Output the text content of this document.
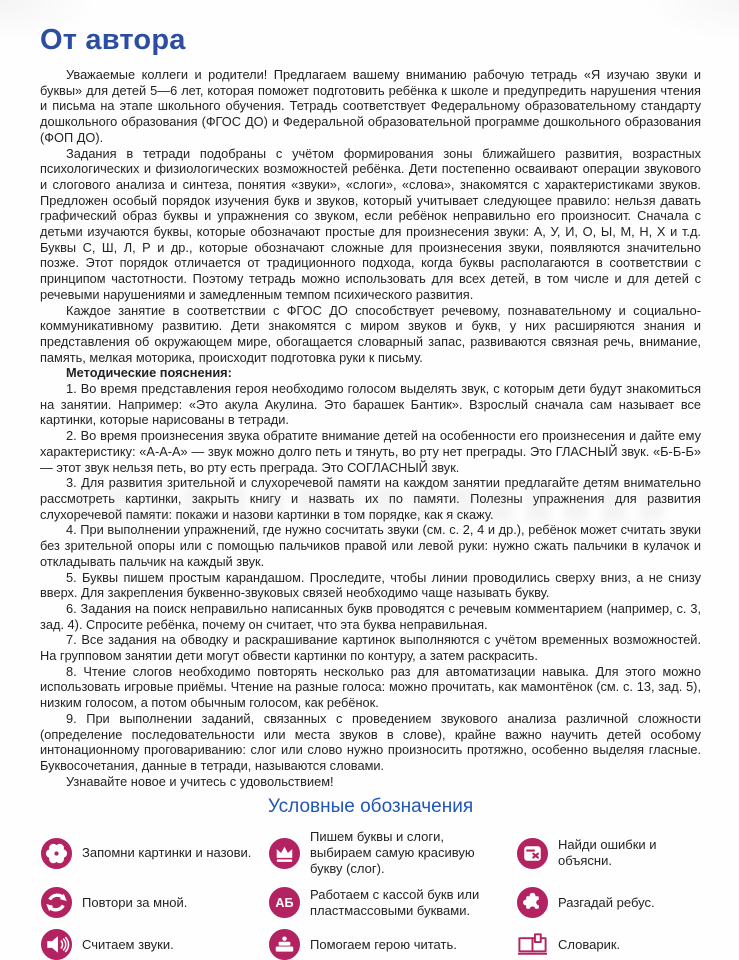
От автора

Уважаемые коллеги и родители! Предлагаем вашему вниманию рабочую тетрадь «Я изучаю звуки и буквы» для детей 5—6 лет, которая поможет подготовить ребёнка к школе и предупредить нарушения чтения и письма на этапе школьного обучения. Тетрадь соответствует Федеральному образовательному стандарту дошкольного образования (ФГОС ДО) и Федеральной образовательной программе дошкольного образования (ФОП ДО).

Задания в тетради подобраны с учётом формирования зоны ближайшего развития, возрастных психологических и физиологических возможностей ребёнка. Дети постепенно осваивают операции звукового и слогового анализа и синтеза, понятия «звуки», «слоги», «слова», знакомятся с характеристиками звуков. Предложен особый порядок изучения букв и звуков, который учитывает следующее правило: нельзя давать графический образ буквы и упражнения со звуком, если ребёнок неправильно его произносит. Сначала с детьми изучаются буквы, которые обозначают простые для произнесения звуки: А, У, И, О, Ы, М, Н, Х и т.д. Буквы С, Ш, Л, Р и др., которые обозначают сложные для произнесения звуки, появляются значительно позже. Этот порядок отличается от традиционного подхода, когда буквы располагаются в соответствии с принципом частотности. Поэтому тетрадь можно использовать для всех детей, в том числе и для детей с речевыми нарушениями и замедленным темпом психического развития.

Каждое занятие в соответствии с ФГОС ДО способствует речевому, познавательному и социально-коммуникативному развитию. Дети знакомятся с миром звуков и букв, у них расширяются знания и представления об окружающем мире, обогащается словарный запас, развиваются связная речь, внимание, память, мелкая моторика, происходит подготовка руки к письму.

Методические пояснения:

1. Во время представления героя необходимо голосом выделять звук, с которым дети будут знакомиться на занятии. Например: «Это акула Акулина. Это барашек Бантик». Взрослый сначала сам называет все картинки, которые нарисованы в тетради.

2. Во время произнесения звука обратите внимание детей на особенности его произнесения и дайте ему характеристику: «А-А-А» — звук можно долго петь и тянуть, во рту нет преграды. Это ГЛАСНЫЙ звук. «Б-Б-Б» — этот звук нельзя петь, во рту есть преграда. Это СОГЛАСНЫЙ звук.

3. Для развития зрительной и слухоречевой памяти на каждом занятии предлагайте детям внимательно рассмотреть картинки, закрыть книгу и назвать их по памяти. Полезны упражнения для развития слухоречевой памяти: покажи и назови картинки в том порядке, как я скажу.

4. При выполнении упражнений, где нужно сосчитать звуки (см. с. 2, 4 и др.), ребёнок может считать звуки без зрительной опоры или с помощью пальчиков правой или левой руки: нужно сжать пальчики в кулачок и откладывать пальчик на каждый звук.

5. Буквы пишем простым карандашом. Проследите, чтобы линии проводились сверху вниз, а не снизу вверх. Для закрепления буквенно-звуковых связей необходимо чаще называть букву.

6. Задания на поиск неправильно написанных букв проводятся с речевым комментарием (например, с. 3, зад. 4). Спросите ребёнка, почему он считает, что эта буква неправильная.

7. Все задания на обводку и раскрашивание картинок выполняются с учётом временных возможностей. На групповом занятии дети могут обвести картинки по контуру, а затем раскрасить.

8. Чтение слогов необходимо повторять несколько раз для автоматизации навыка. Для этого можно использовать игровые приёмы. Чтение на разные голоса: можно прочитать, как мамонтёнок (см. с. 13, зад. 5), низким голосом, а потом обычным голосом, как ребёнок.

9. При выполнении заданий, связанных с проведением звукового анализа различной сложности (определение последовательности или места звуков в слове), крайне важно научить детей особому интонационному проговариванию: слог или слово нужно произносить протяжно, особенно выделяя гласные. Буквосочетания, данные в тетради, называются словами.

Узнавайте новое и учитесь с удовольствием!

Условные обозначения
Запомни картинки и назови.
Повтори за мной.
Считаем звуки.
Пишем буквы и слоги, выбираем самую красивую букву (слог).
АБ
Работаем с кассой букв или пластмассовыми буквами.
Помогаем герою читать.
Найди ошибки и объясни.
Разгадай ребус.
Словарик.
